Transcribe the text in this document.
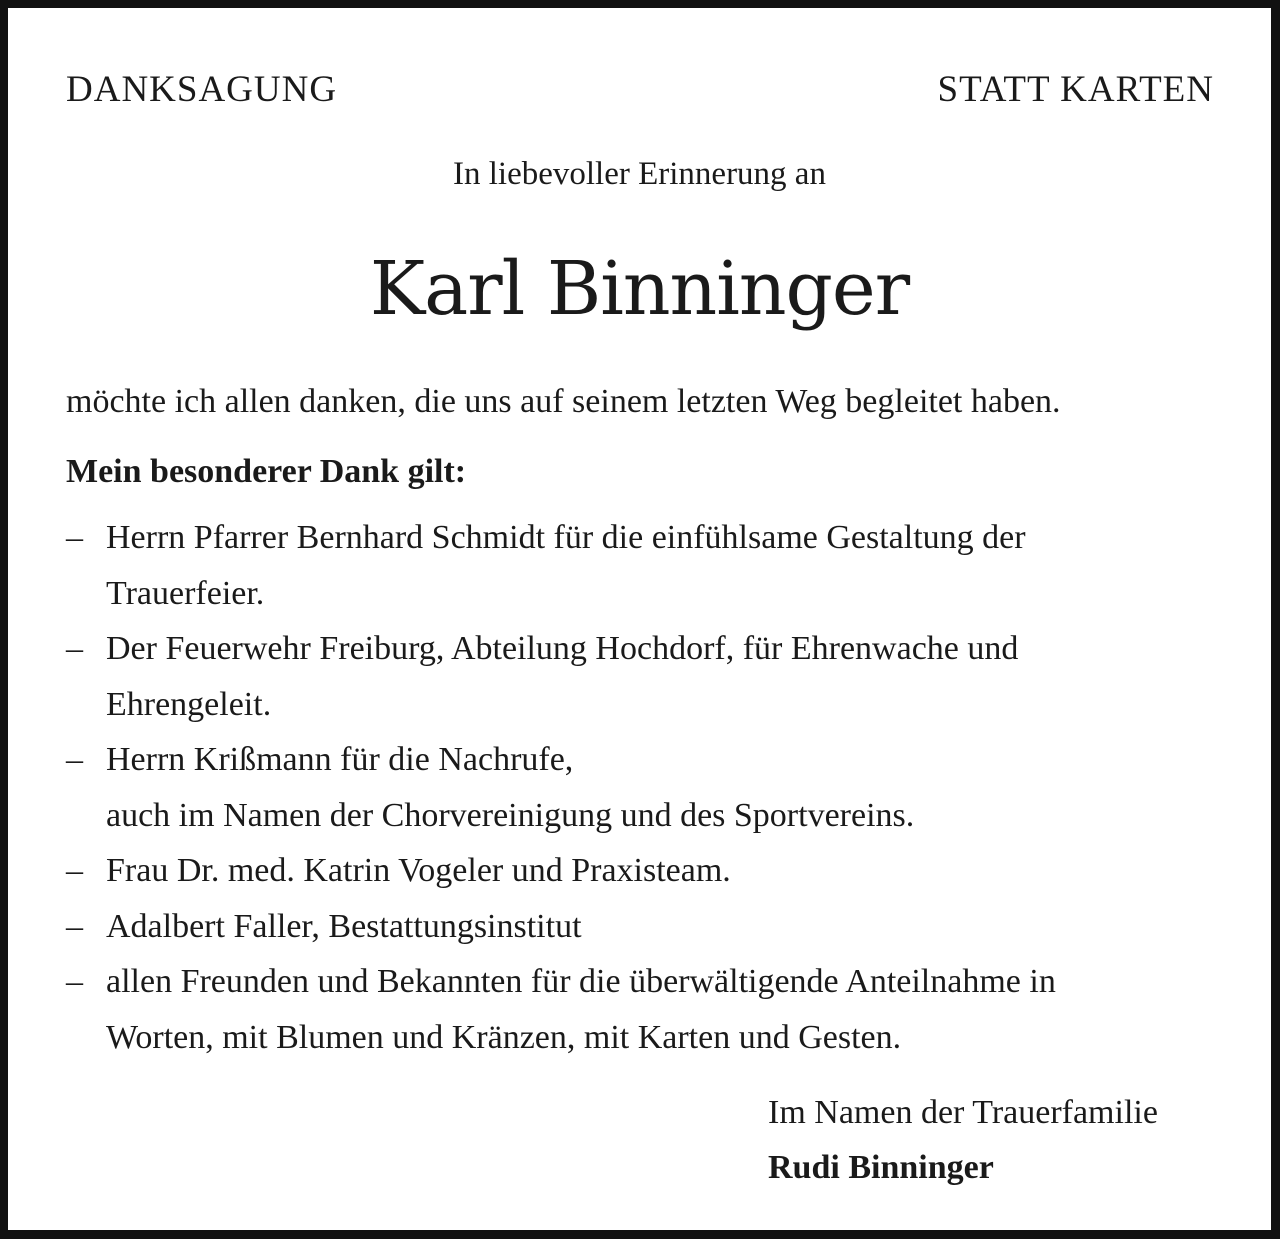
DANKSAGUNG	STATT KARTEN
In liebevoller Erinnerung an
Karl Binninger
möchte ich allen danken, die uns auf seinem letzten Weg begleitet haben.
Mein besonderer Dank gilt:
– Herrn Pfarrer Bernhard Schmidt für die einfühlsame Gestaltung der
Trauerfeier.
– Der Feuerwehr Freiburg, Abteilung Hochdorf, für Ehrenwache und
Ehrengeleit.
– Herrn Krißmann für die Nachrufe,
auch im Namen der Chorvereinigung und des Sportvereins.
– Frau Dr. med. Katrin Vogeler und Praxisteam.
– Adalbert Faller, Bestattungsinstitut
– allen Freunden und Bekannten für die überwältigende Anteilnahme in
Worten, mit Blumen und Kränzen, mit Karten und Gesten.
Im Namen der Trauerfamilie
Rudi Binninger
